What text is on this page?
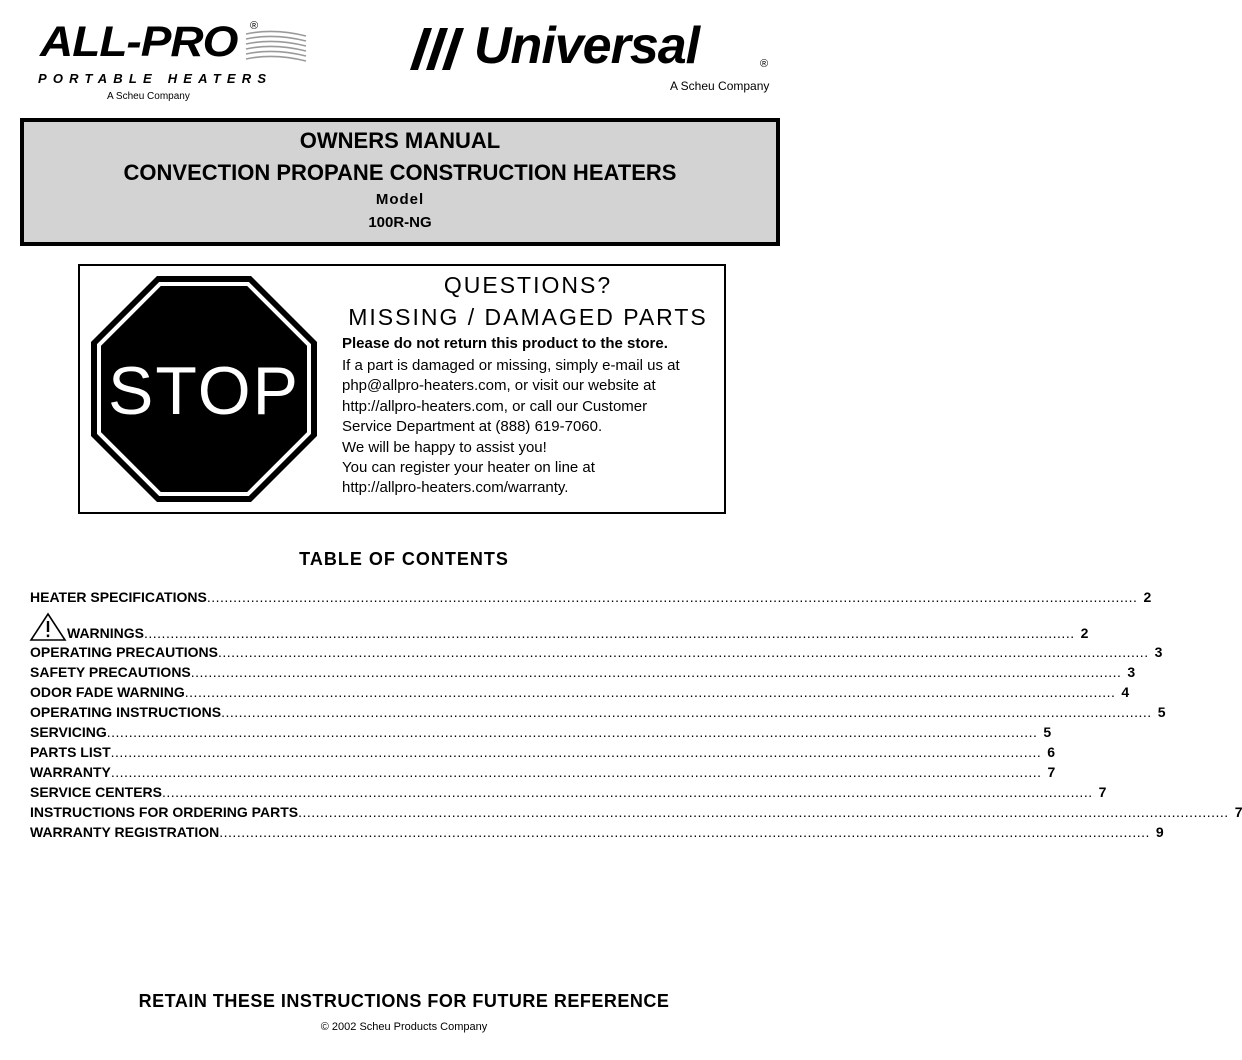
ALL-PRO ®
PORTABLE HEATERS
A Scheu Company
Universal	®
A Scheu Company
OWNERS MANUAL
CONVECTION PROPANE CONSTRUCTION HEATERS
Model
100R-NG
STOP
QUESTIONS?
MISSING / DAMAGED PARTS
Please do not return this product to the store.
If a part is damaged or missing, simply e-mail us at
php@allpro-heaters.com, or visit our website at
http://allpro-heaters.com, or call our Customer
Service Department at (888) 619-7060.
We will be happy to assist you!
You can register your heater on line at
http://allpro-heaters.com/warranty.
TABLE OF CONTENTS
HEATER SPECIFICATIONS .................................................................................................................................................................................................................... 2
WARNINGS .................................................................................................................................................................................................................... 2
OPERATING PRECAUTIONS .................................................................................................................................................................................................................... 3
SAFETY PRECAUTIONS .................................................................................................................................................................................................................... 3
ODOR FADE WARNING .................................................................................................................................................................................................................... 4
OPERATING INSTRUCTIONS .................................................................................................................................................................................................................... 5
SERVICING .................................................................................................................................................................................................................... 5
PARTS LIST .................................................................................................................................................................................................................... 6
WARRANTY .................................................................................................................................................................................................................... 7
SERVICE CENTERS .................................................................................................................................................................................................................... 7
INSTRUCTIONS FOR ORDERING PARTS .................................................................................................................................................................................................................... 7
WARRANTY REGISTRATION .................................................................................................................................................................................................................... 9
RETAIN THESE INSTRUCTIONS FOR FUTURE REFERENCE
© 2002 Scheu Products Company
